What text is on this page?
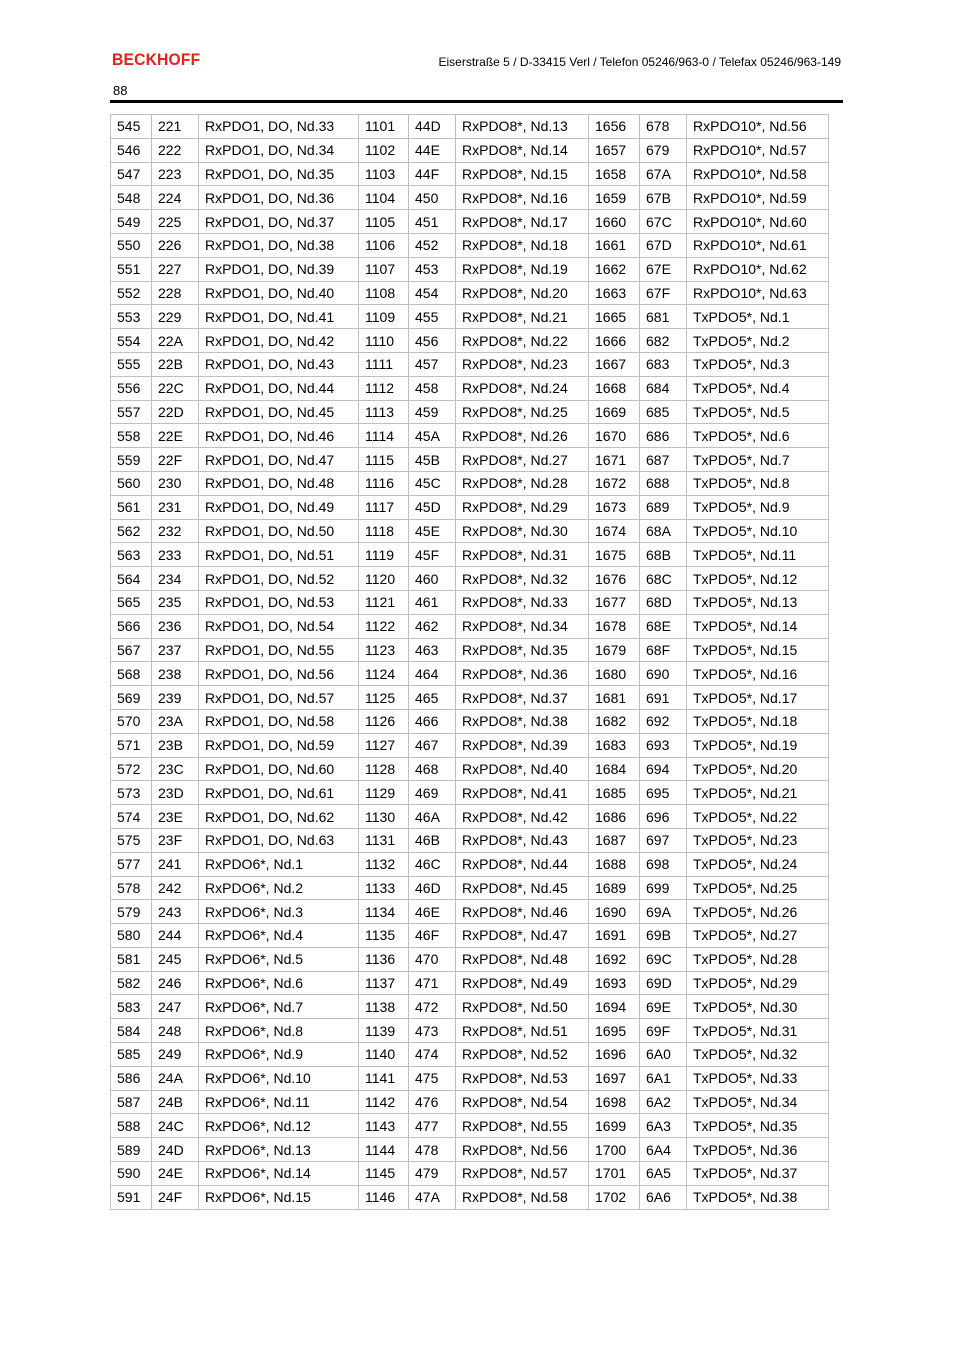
BECKHOFF	Eiserstraße 5 / D-33415 Verl / Telefon 05246/963-0 / Telefax 05246/963-149
88
545	221	RxPDO1, DO, Nd.33	1101	44D	RxPDO8*, Nd.13	1656	678	RxPDO10*, Nd.56
546	222	RxPDO1, DO, Nd.34	1102	44E	RxPDO8*, Nd.14	1657	679	RxPDO10*, Nd.57
547	223	RxPDO1, DO, Nd.35	1103	44F	RxPDO8*, Nd.15	1658	67A	RxPDO10*, Nd.58
548	224	RxPDO1, DO, Nd.36	1104	450	RxPDO8*, Nd.16	1659	67B	RxPDO10*, Nd.59
549	225	RxPDO1, DO, Nd.37	1105	451	RxPDO8*, Nd.17	1660	67C	RxPDO10*, Nd.60
550	226	RxPDO1, DO, Nd.38	1106	452	RxPDO8*, Nd.18	1661	67D	RxPDO10*, Nd.61
551	227	RxPDO1, DO, Nd.39	1107	453	RxPDO8*, Nd.19	1662	67E	RxPDO10*, Nd.62
552	228	RxPDO1, DO, Nd.40	1108	454	RxPDO8*, Nd.20	1663	67F	RxPDO10*, Nd.63
553	229	RxPDO1, DO, Nd.41	1109	455	RxPDO8*, Nd.21	1665	681	TxPDO5*, Nd.1
554	22A	RxPDO1, DO, Nd.42	1110	456	RxPDO8*, Nd.22	1666	682	TxPDO5*, Nd.2
555	22B	RxPDO1, DO, Nd.43	1111	457	RxPDO8*, Nd.23	1667	683	TxPDO5*, Nd.3
556	22C	RxPDO1, DO, Nd.44	1112	458	RxPDO8*, Nd.24	1668	684	TxPDO5*, Nd.4
557	22D	RxPDO1, DO, Nd.45	1113	459	RxPDO8*, Nd.25	1669	685	TxPDO5*, Nd.5
558	22E	RxPDO1, DO, Nd.46	1114	45A	RxPDO8*, Nd.26	1670	686	TxPDO5*, Nd.6
559	22F	RxPDO1, DO, Nd.47	1115	45B	RxPDO8*, Nd.27	1671	687	TxPDO5*, Nd.7
560	230	RxPDO1, DO, Nd.48	1116	45C	RxPDO8*, Nd.28	1672	688	TxPDO5*, Nd.8
561	231	RxPDO1, DO, Nd.49	1117	45D	RxPDO8*, Nd.29	1673	689	TxPDO5*, Nd.9
562	232	RxPDO1, DO, Nd.50	1118	45E	RxPDO8*, Nd.30	1674	68A	TxPDO5*, Nd.10
563	233	RxPDO1, DO, Nd.51	1119	45F	RxPDO8*, Nd.31	1675	68B	TxPDO5*, Nd.11
564	234	RxPDO1, DO, Nd.52	1120	460	RxPDO8*, Nd.32	1676	68C	TxPDO5*, Nd.12
565	235	RxPDO1, DO, Nd.53	1121	461	RxPDO8*, Nd.33	1677	68D	TxPDO5*, Nd.13
566	236	RxPDO1, DO, Nd.54	1122	462	RxPDO8*, Nd.34	1678	68E	TxPDO5*, Nd.14
567	237	RxPDO1, DO, Nd.55	1123	463	RxPDO8*, Nd.35	1679	68F	TxPDO5*, Nd.15
568	238	RxPDO1, DO, Nd.56	1124	464	RxPDO8*, Nd.36	1680	690	TxPDO5*, Nd.16
569	239	RxPDO1, DO, Nd.57	1125	465	RxPDO8*, Nd.37	1681	691	TxPDO5*, Nd.17
570	23A	RxPDO1, DO, Nd.58	1126	466	RxPDO8*, Nd.38	1682	692	TxPDO5*, Nd.18
571	23B	RxPDO1, DO, Nd.59	1127	467	RxPDO8*, Nd.39	1683	693	TxPDO5*, Nd.19
572	23C	RxPDO1, DO, Nd.60	1128	468	RxPDO8*, Nd.40	1684	694	TxPDO5*, Nd.20
573	23D	RxPDO1, DO, Nd.61	1129	469	RxPDO8*, Nd.41	1685	695	TxPDO5*, Nd.21
574	23E	RxPDO1, DO, Nd.62	1130	46A	RxPDO8*, Nd.42	1686	696	TxPDO5*, Nd.22
575	23F	RxPDO1, DO, Nd.63	1131	46B	RxPDO8*, Nd.43	1687	697	TxPDO5*, Nd.23
577	241	RxPDO6*, Nd.1	1132	46C	RxPDO8*, Nd.44	1688	698	TxPDO5*, Nd.24
578	242	RxPDO6*, Nd.2	1133	46D	RxPDO8*, Nd.45	1689	699	TxPDO5*, Nd.25
579	243	RxPDO6*, Nd.3	1134	46E	RxPDO8*, Nd.46	1690	69A	TxPDO5*, Nd.26
580	244	RxPDO6*, Nd.4	1135	46F	RxPDO8*, Nd.47	1691	69B	TxPDO5*, Nd.27
581	245	RxPDO6*, Nd.5	1136	470	RxPDO8*, Nd.48	1692	69C	TxPDO5*, Nd.28
582	246	RxPDO6*, Nd.6	1137	471	RxPDO8*, Nd.49	1693	69D	TxPDO5*, Nd.29
583	247	RxPDO6*, Nd.7	1138	472	RxPDO8*, Nd.50	1694	69E	TxPDO5*, Nd.30
584	248	RxPDO6*, Nd.8	1139	473	RxPDO8*, Nd.51	1695	69F	TxPDO5*, Nd.31
585	249	RxPDO6*, Nd.9	1140	474	RxPDO8*, Nd.52	1696	6A0	TxPDO5*, Nd.32
586	24A	RxPDO6*, Nd.10	1141	475	RxPDO8*, Nd.53	1697	6A1	TxPDO5*, Nd.33
587	24B	RxPDO6*, Nd.11	1142	476	RxPDO8*, Nd.54	1698	6A2	TxPDO5*, Nd.34
588	24C	RxPDO6*, Nd.12	1143	477	RxPDO8*, Nd.55	1699	6A3	TxPDO5*, Nd.35
589	24D	RxPDO6*, Nd.13	1144	478	RxPDO8*, Nd.56	1700	6A4	TxPDO5*, Nd.36
590	24E	RxPDO6*, Nd.14	1145	479	RxPDO8*, Nd.57	1701	6A5	TxPDO5*, Nd.37
591	24F	RxPDO6*, Nd.15	1146	47A	RxPDO8*, Nd.58	1702	6A6	TxPDO5*, Nd.38
